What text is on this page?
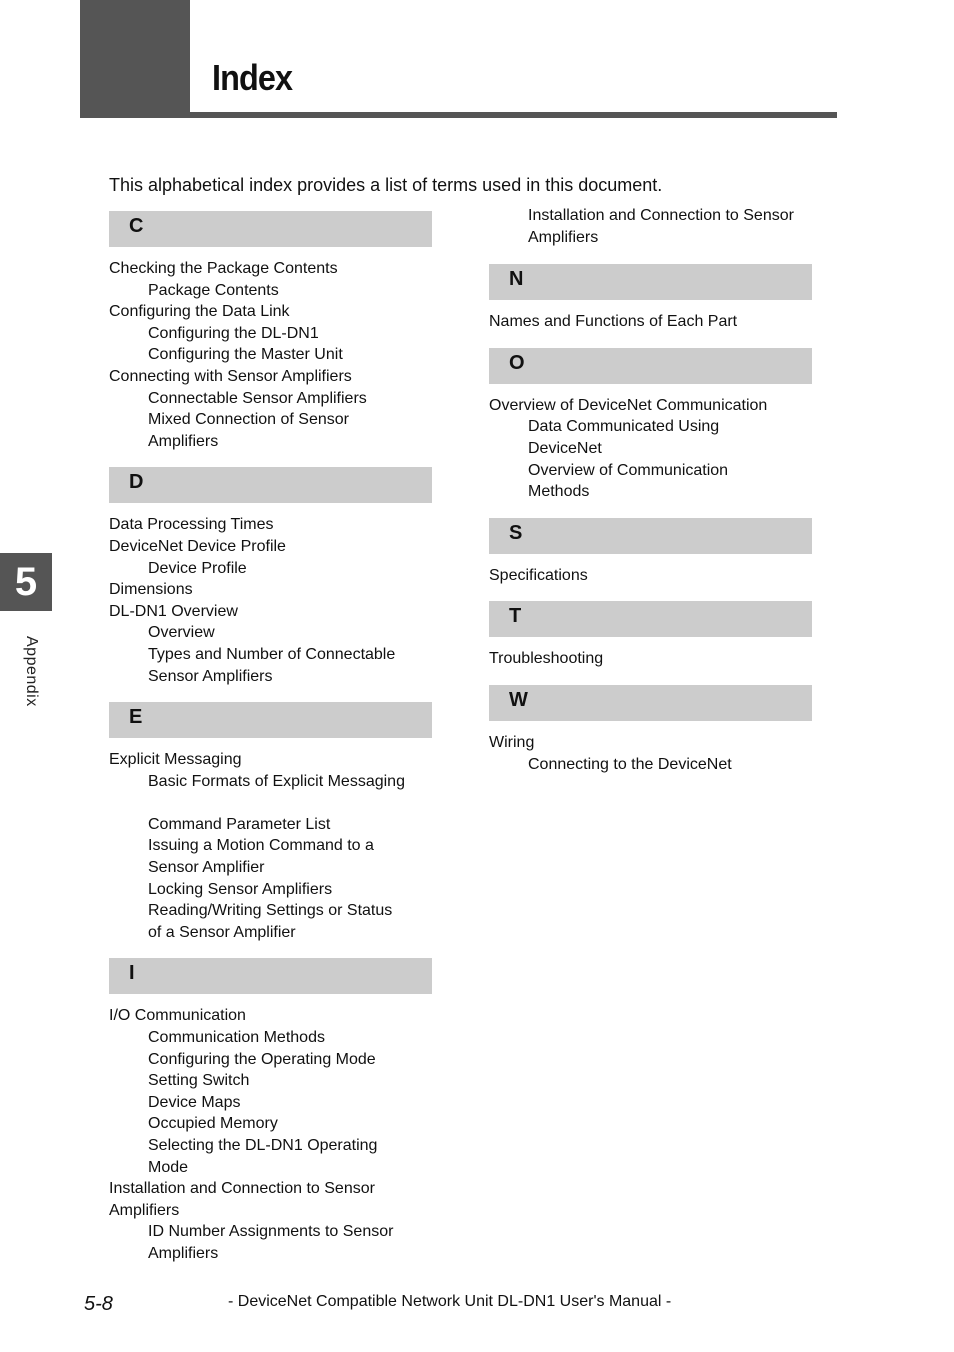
Index

This alphabetical index provides a list of terms used in this document.

C
Checking the Package Contents
Package Contents
Configuring the Data Link
Configuring the DL-DN1
Configuring the Master Unit
Connecting with Sensor Amplifiers
Connectable Sensor Amplifiers
Mixed Connection of Sensor
Amplifiers
D
Data Processing Times
DeviceNet Device Profile
Device Profile
Dimensions
DL-DN1 Overview
Overview
Types and Number of Connectable
Sensor Amplifiers
E
Explicit Messaging
Basic Formats of Explicit Messaging
Command Parameter List
Issuing a Motion Command to a
Sensor Amplifier
Locking Sensor Amplifiers
Reading/Writing Settings or Status
of a Sensor Amplifier
I
I/O Communication
Communication Methods
Configuring the Operating Mode
Setting Switch
Device Maps
Occupied Memory
Selecting the DL-DN1 Operating
Mode
Installation and Connection to Sensor
Amplifiers
ID Number Assignments to Sensor
Amplifiers
Installation and Connection to Sensor
Amplifiers
N
Names and Functions of Each Part
O
Overview of DeviceNet Communication
Data Communicated Using
DeviceNet
Overview of Communication
Methods
S
Specifications
T
Troubleshooting
W
Wiring
Connecting to the DeviceNet
5
Appendix
5-8	- DeviceNet Compatible Network Unit DL-DN1 User's Manual -
